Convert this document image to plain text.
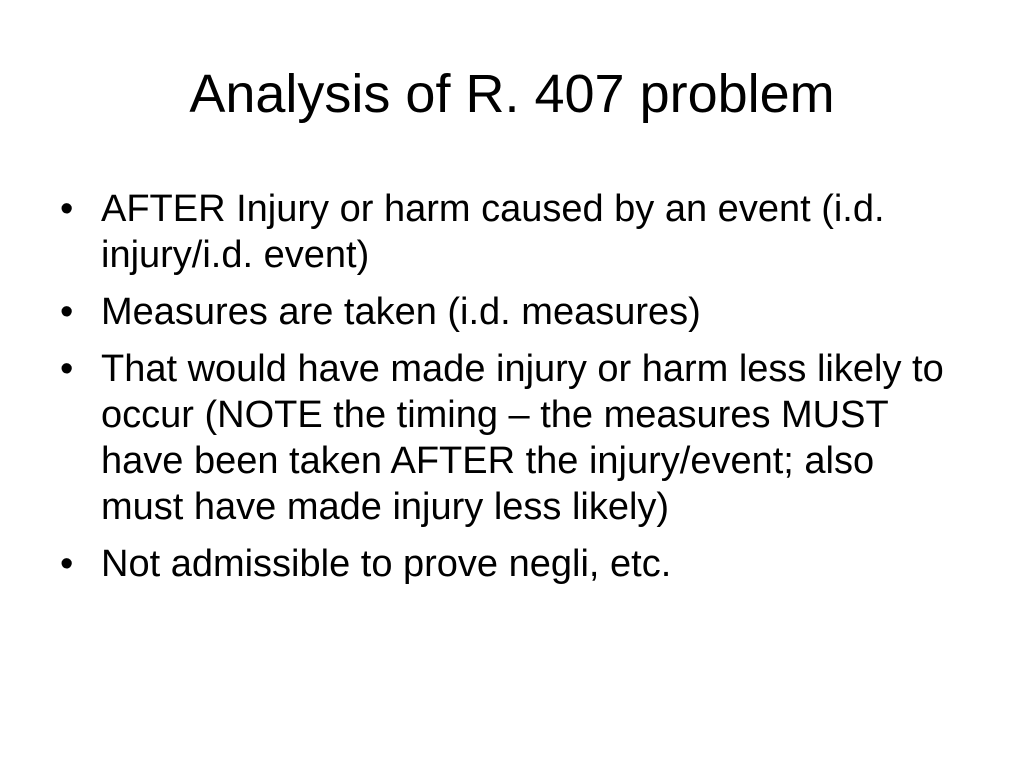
Analysis of R. 407 problem
• AFTER Injury or harm caused by an event (i.d. injury/i.d. event)
• Measures are taken (i.d. measures)
• That would have made injury or harm less likely to occur (NOTE the timing – the measures MUST have been taken AFTER the injury/event; also must have made injury less likely)
• Not admissible to prove negli, etc.
